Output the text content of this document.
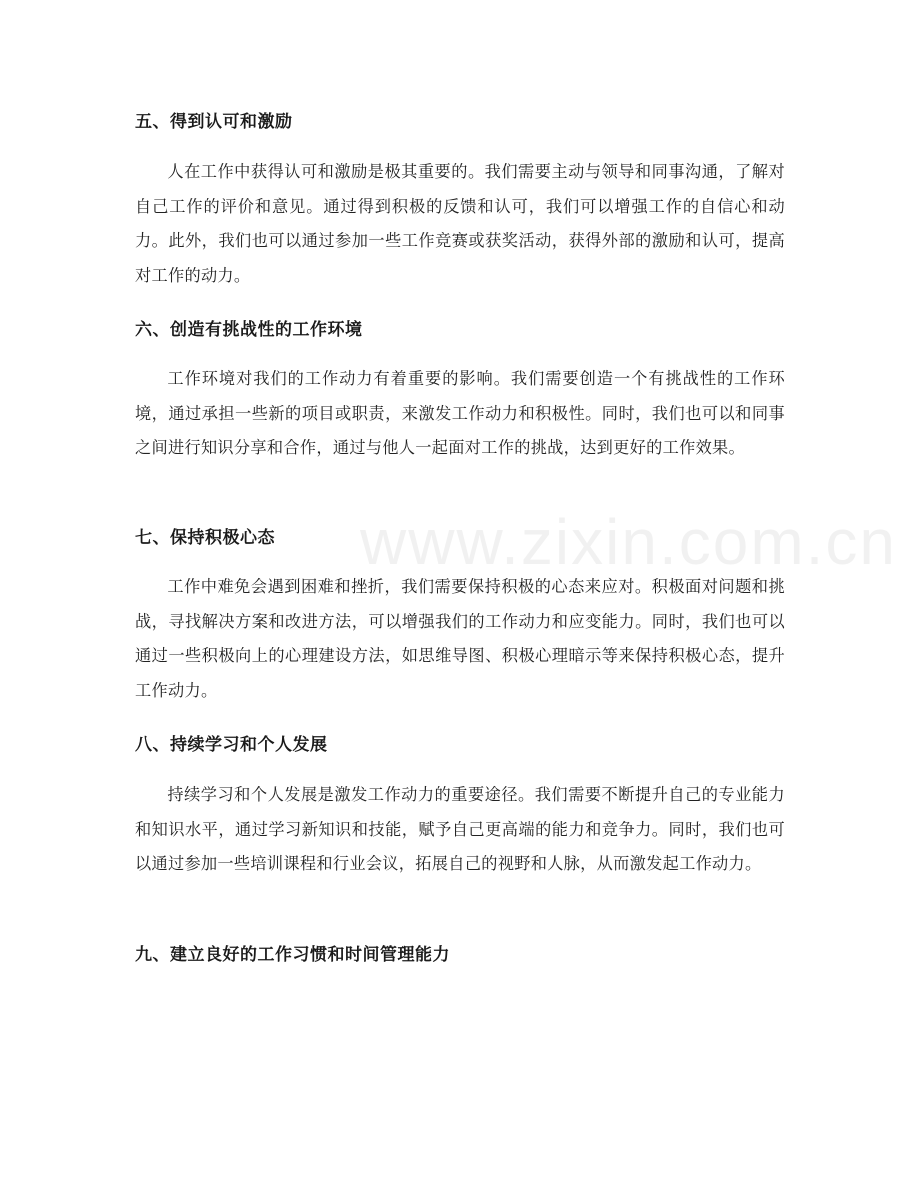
www.zixin.com.cn
五、得到认可和激励

人在工作中获得认可和激励是极其重要的。我们需要主动与领导和同事沟通，了解对自己工作的评价和意见。通过得到积极的反馈和认可，我们可以增强工作的自信心和动力。此外，我们也可以通过参加一些工作竞赛或获奖活动，获得外部的激励和认可，提高对工作的动力。

六、创造有挑战性的工作环境

工作环境对我们的工作动力有着重要的影响。我们需要创造一个有挑战性的工作环境，通过承担一些新的项目或职责，来激发工作动力和积极性。同时，我们也可以和同事之间进行知识分享和合作，通过与他人一起面对工作的挑战，达到更好的工作效果。

七、保持积极心态

工作中难免会遇到困难和挫折，我们需要保持积极的心态来应对。积极面对问题和挑战，寻找解决方案和改进方法，可以增强我们的工作动力和应变能力。同时，我们也可以通过一些积极向上的心理建设方法，如思维导图、积极心理暗示等来保持积极心态，提升工作动力。

八、持续学习和个人发展

持续学习和个人发展是激发工作动力的重要途径。我们需要不断提升自己的专业能力和知识水平，通过学习新知识和技能，赋予自己更高端的能力和竞争力。同时，我们也可以通过参加一些培训课程和行业会议，拓展自己的视野和人脉，从而激发起工作动力。

九、建立良好的工作习惯和时间管理能力
